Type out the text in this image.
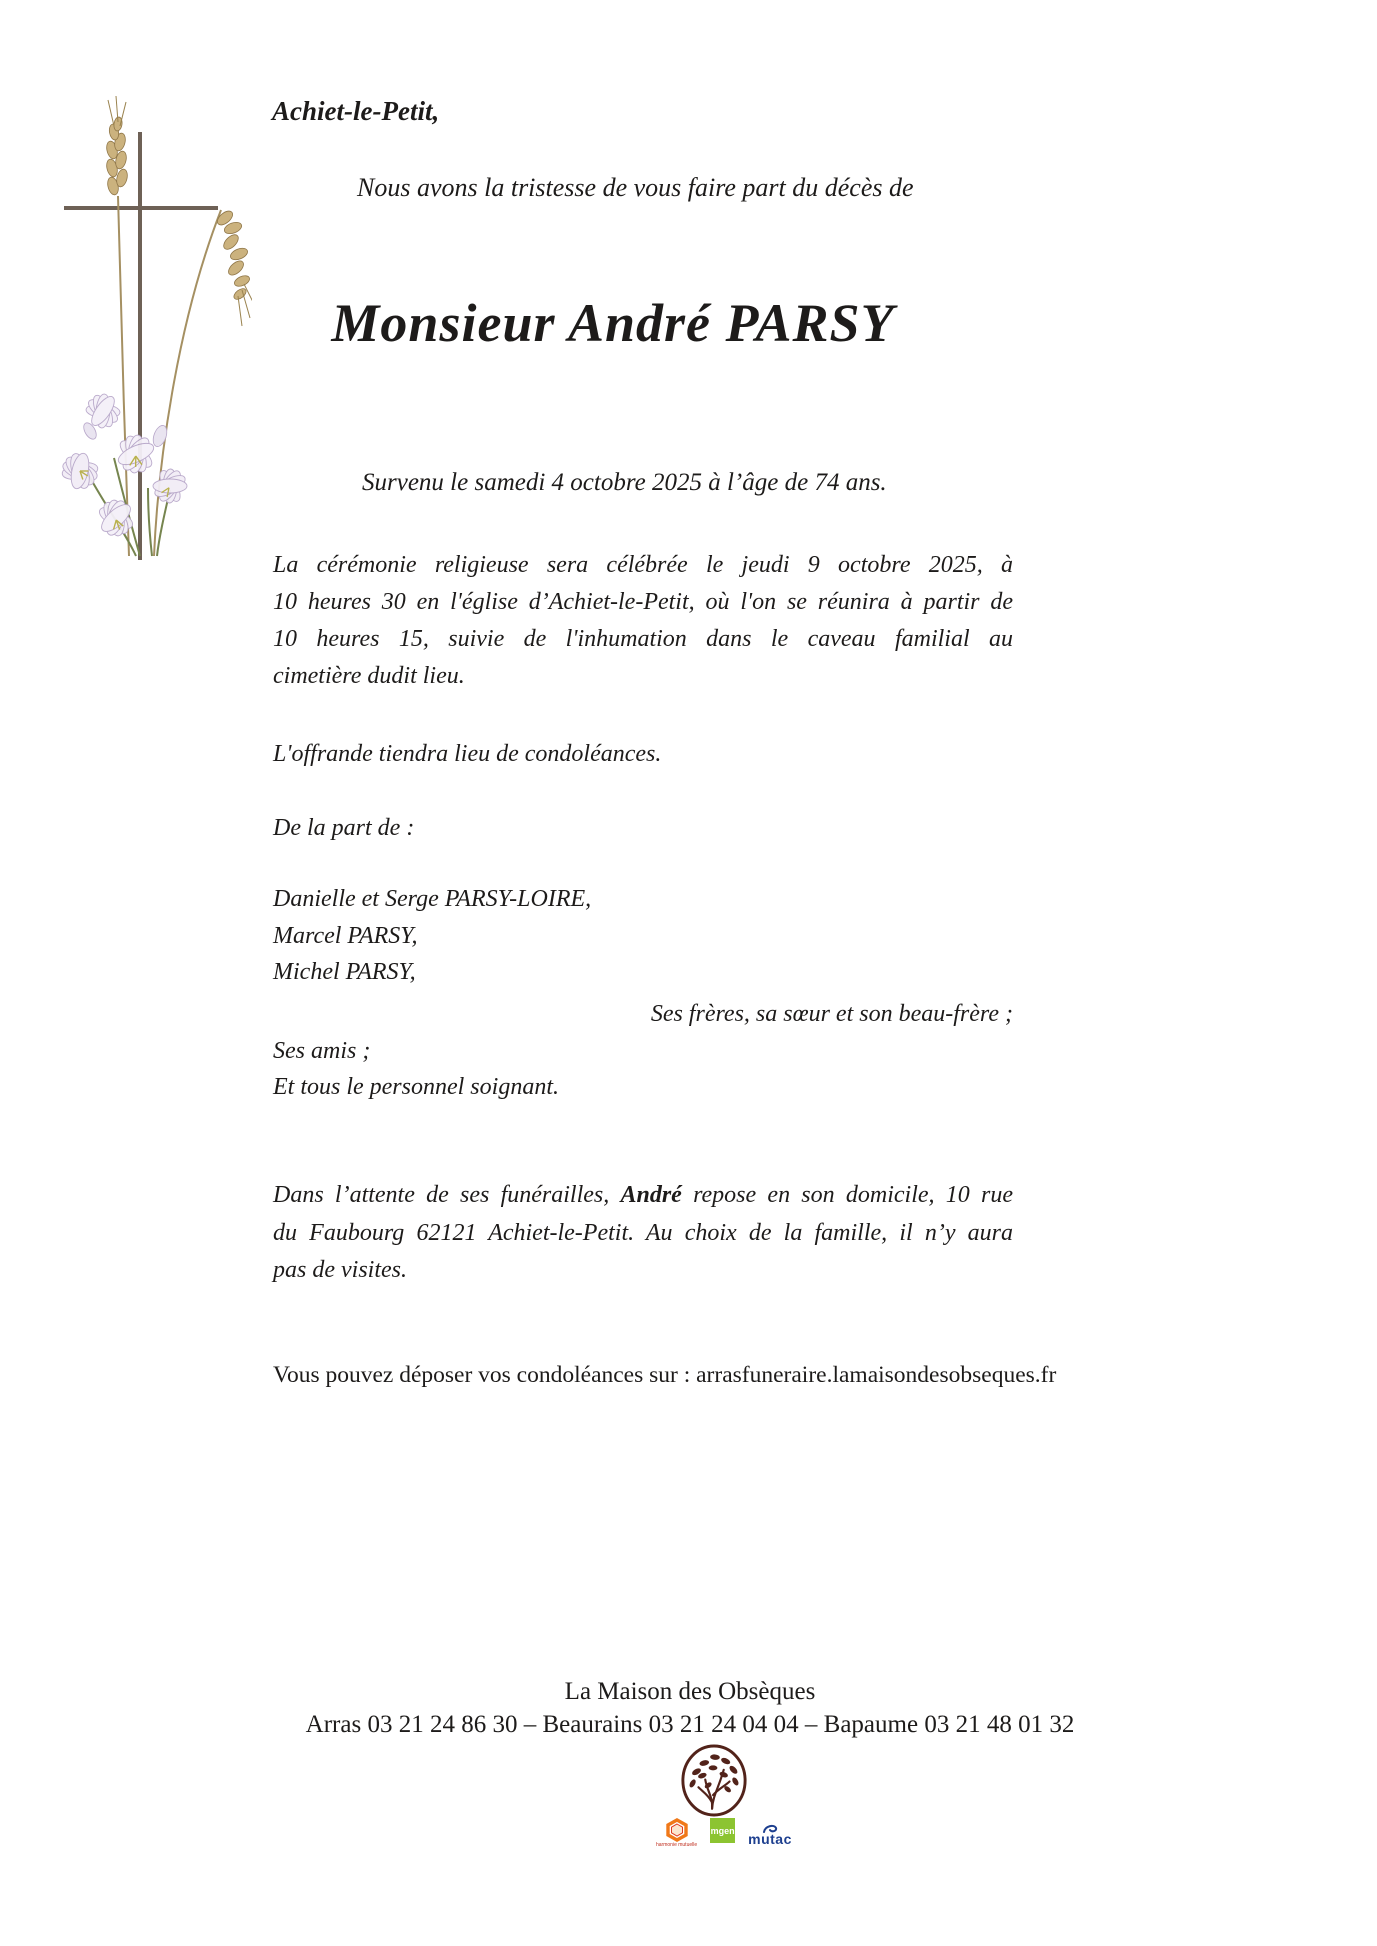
Achiet-le-Petit,
Nous avons la tristesse de vous faire part du décès de
Monsieur André PARSY
Survenu le samedi 4 octobre 2025 à l’âge de 74 ans.
La cérémonie religieuse sera célébrée le jeudi 9 octobre 2025, à
10 heures 30 en l'église d’Achiet-le-Petit, où l'on se réunira à partir de
10 heures 15, suivie de l'inhumation dans le caveau familial au
cimetière dudit lieu.
L'offrande tiendra lieu de condoléances.
De la part de :
Danielle et Serge PARSY-LOIRE,
Marcel PARSY,
Michel PARSY,
Ses frères, sa sœur et son beau-frère ;
Ses amis ;
Et tous le personnel soignant.
Dans l’attente de ses funérailles, André repose en son domicile, 10 rue
du Faubourg 62121 Achiet-le-Petit. Au choix de la famille, il n’y aura
pas de visites.
Vous pouvez déposer vos condoléances sur : arrasfuneraire.lamaisondesobseques.fr
La Maison des Obsèques
Arras 03 21 24 86 30 – Beaurains 03 21 24 04 04 – Bapaume 03 21 48 01 32
harmonie mutuelle
mgen
mutac
